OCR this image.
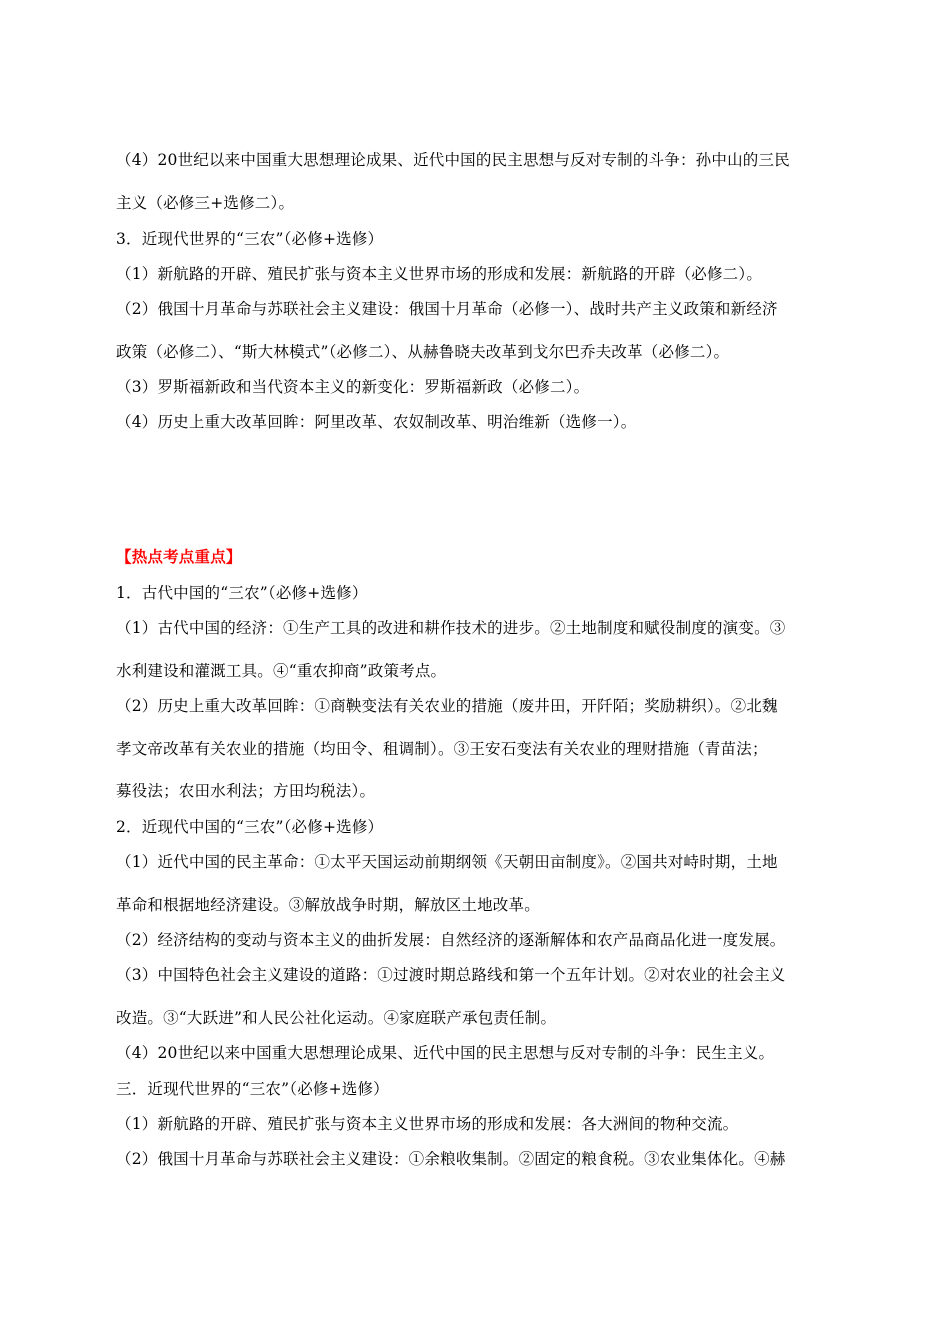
（4）20世纪以来中国重大思想理论成果、近代中国的民主思想与反对专制的斗争：孙中山的三民
主义（必修三+选修二）。
3．近现代世界的“三农”（必修+选修）
（1）新航路的开辟、殖民扩张与资本主义世界市场的形成和发展：新航路的开辟（必修二）。
（2）俄国十月革命与苏联社会主义建设：俄国十月革命（必修一）、战时共产主义政策和新经济
政策（必修二）、“斯大林模式”（必修二）、从赫鲁晓夫改革到戈尔巴乔夫改革（必修二）。
（3）罗斯福新政和当代资本主义的新变化：罗斯福新政（必修二）。
（4）历史上重大改革回眸：阿里改革、农奴制改革、明治维新（选修一）。
【热点考点重点】
1．古代中国的“三农”（必修+选修）
（1）古代中国的经济：①生产工具的改进和耕作技术的进步。②土地制度和赋役制度的演变。③
水利建设和灌溉工具。④“重农抑商”政策考点。
（2）历史上重大改革回眸：①商鞅变法有关农业的措施（废井田，开阡陌；奖励耕织）。②北魏
孝文帝改革有关农业的措施（均田令、租调制）。③王安石变法有关农业的理财措施（青苗法；
募役法；农田水利法；方田均税法）。
2．近现代中国的“三农”（必修+选修）
（1）近代中国的民主革命：①太平天国运动前期纲领《天朝田亩制度》。②国共对峙时期，土地
革命和根据地经济建设。③解放战争时期，解放区土地改革。
（2）经济结构的变动与资本主义的曲折发展：自然经济的逐渐解体和农产品商品化进一度发展。
（3）中国特色社会主义建设的道路：①过渡时期总路线和第一个五年计划。②对农业的社会主义
改造。③“大跃进”和人民公社化运动。④家庭联产承包责任制。
（4）20世纪以来中国重大思想理论成果、近代中国的民主思想与反对专制的斗争：民生主义。
三．近现代世界的“三农”（必修+选修）
（1）新航路的开辟、殖民扩张与资本主义世界市场的形成和发展：各大洲间的物种交流。
（2）俄国十月革命与苏联社会主义建设：①余粮收集制。②固定的粮食税。③农业集体化。④赫
